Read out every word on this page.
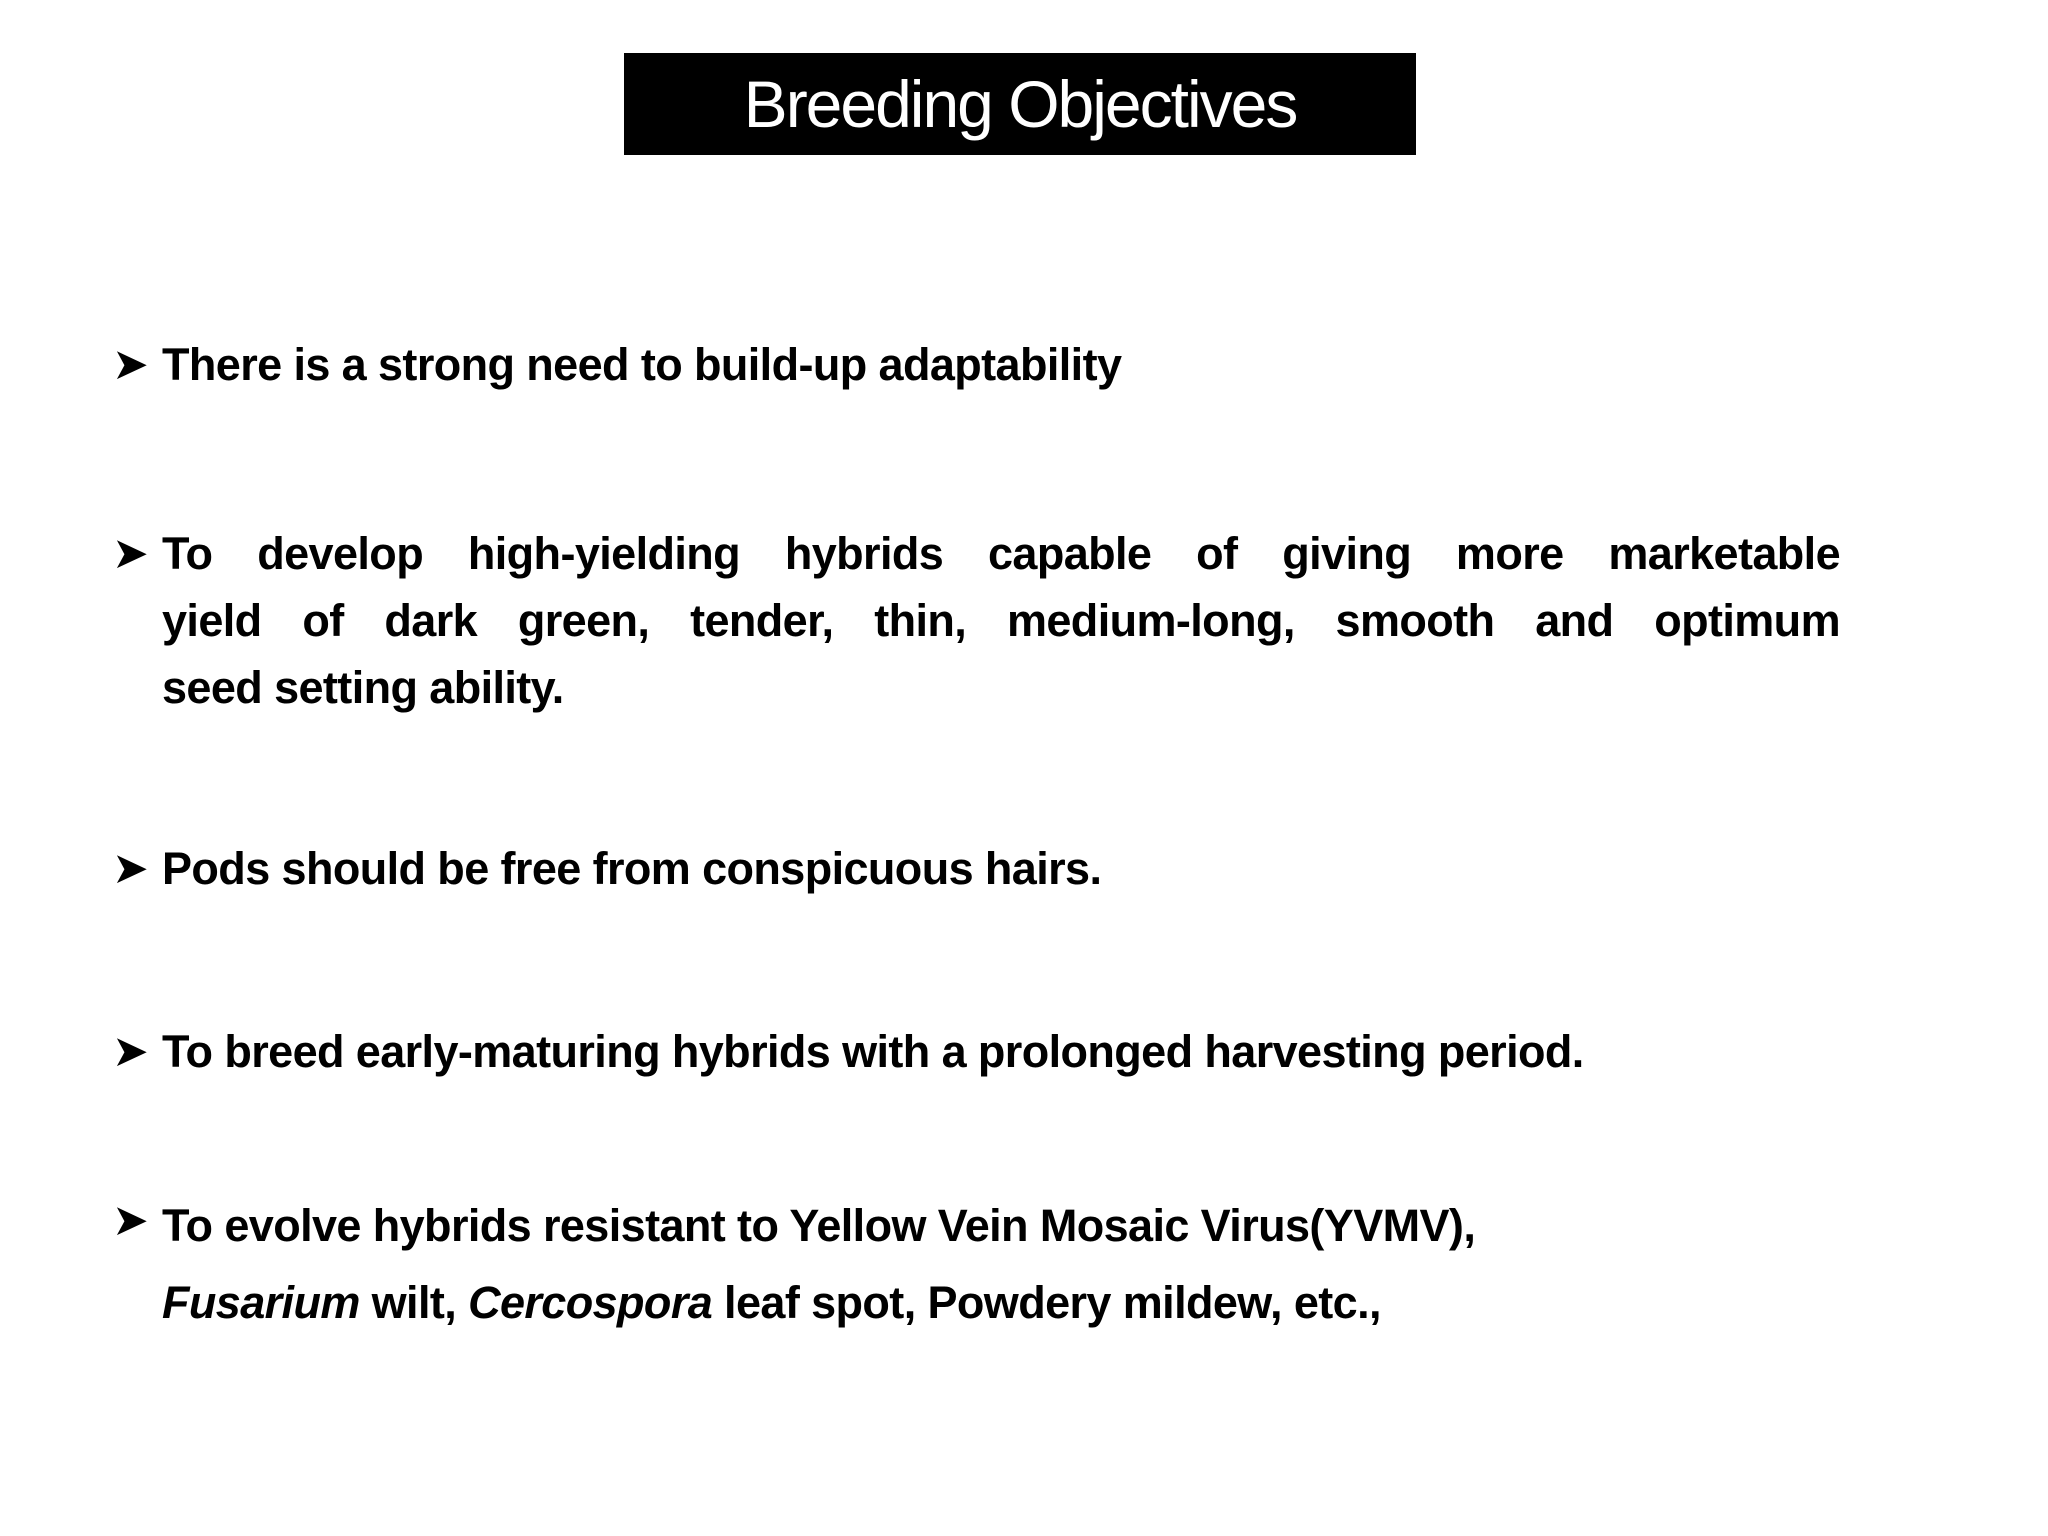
Breeding Objectives
➤ There is a strong need to build-up adaptability
➤ To develop high-yielding hybrids capable of giving more marketable
yield of dark green, tender, thin, medium-long, smooth and optimum
seed setting ability.
➤ Pods should be free from conspicuous hairs.
➤ To breed early-maturing hybrids with a prolonged harvesting period.
➤ To evolve hybrids resistant to Yellow Vein Mosaic Virus(YVMV),
Fusarium wilt, Cercospora leaf spot, Powdery mildew, etc.,
